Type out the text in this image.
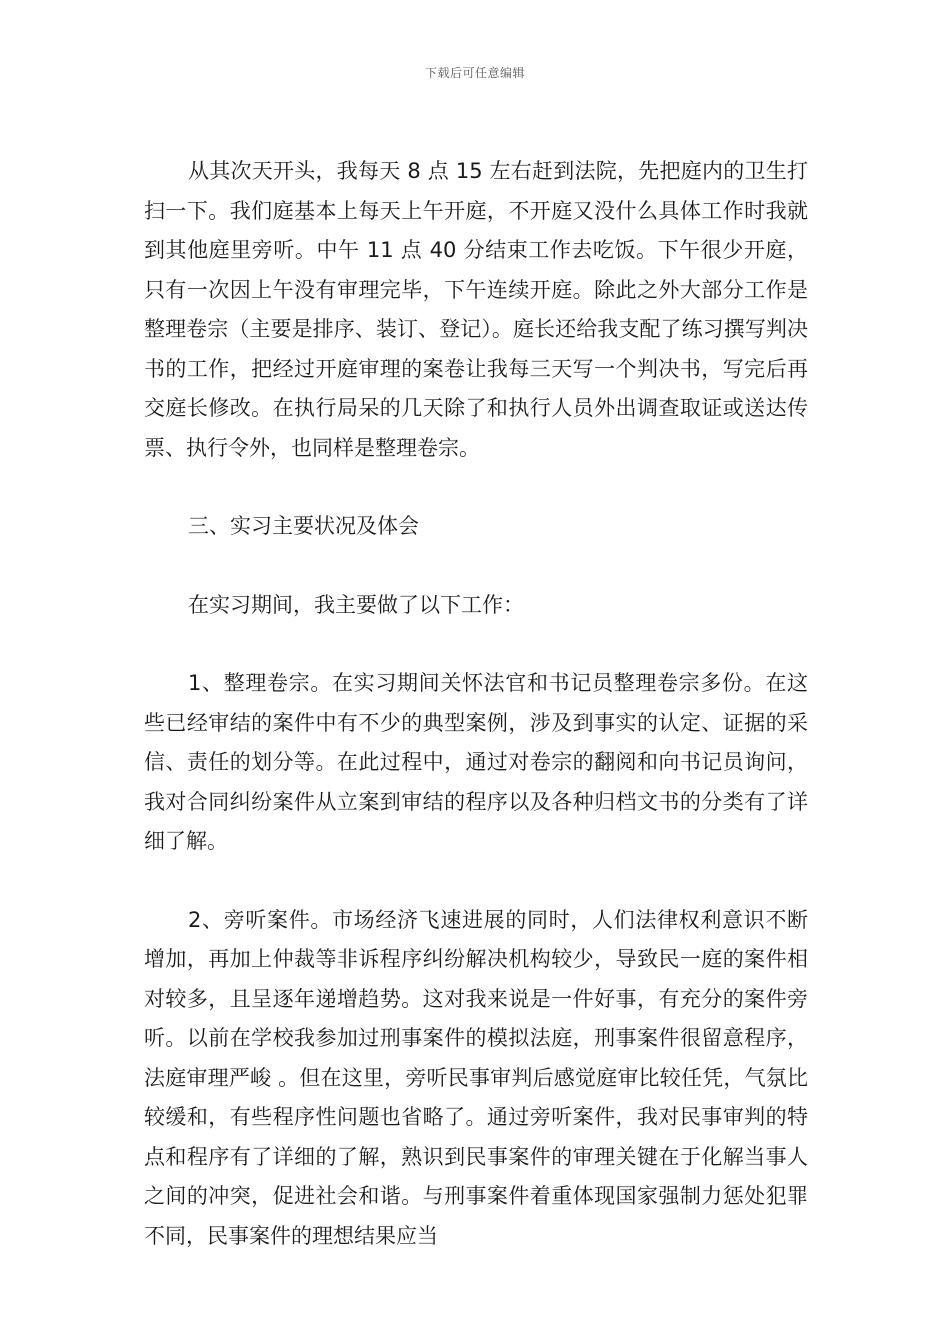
下载后可任意编辑

从其次天开头，我每天 8 点 15 左右赶到法院，先把庭内的卫生打扫一下。我们庭基本上每天上午开庭，不开庭又没什么具体工作时我就到其他庭里旁听。中午 11 点 40 分结束工作去吃饭。下午很少开庭，只有一次因上午没有审理完毕，下午连续开庭。除此之外大部分工作是整理卷宗（主要是排序、装订、登记）。庭长还给我支配了练习撰写判决书的工作，把经过开庭审理的案卷让我每三天写一个判决书，写完后再交庭长修改。在执行局呆的几天除了和执行人员外出调查取证或送达传票、执行令外，也同样是整理卷宗。

三、实习主要状况及体会

在实习期间，我主要做了以下工作：

1、整理卷宗。在实习期间关怀法官和书记员整理卷宗多份。在这些已经审结的案件中有不少的典型案例，涉及到事实的认定、证据的采信、责任的划分等。在此过程中，通过对卷宗的翻阅和向书记员询问，我对合同纠纷案件从立案到审结的程序以及各种归档文书的分类有了详细了解。

2、旁听案件。市场经济飞速进展的同时，人们法律权利意识不断增加，再加上仲裁等非诉程序纠纷解决机构较少，导致民一庭的案件相对较多，且呈逐年递增趋势。这对我来说是一件好事，有充分的案件旁听。以前在学校我参加过刑事案件的模拟法庭，刑事案件很留意程序，法庭审理严峻 。但在这里，旁听民事审判后感觉庭审比较任凭，气氛比较缓和，有些程序性问题也省略了。通过旁听案件，我对民事审判的特点和程序有了详细的了解，熟识到民事案件的审理关键在于化解当事人之间的冲突，促进社会和谐。与刑事案件着重体现国家强制力惩处犯罪不同，民事案件的理想结果应当
